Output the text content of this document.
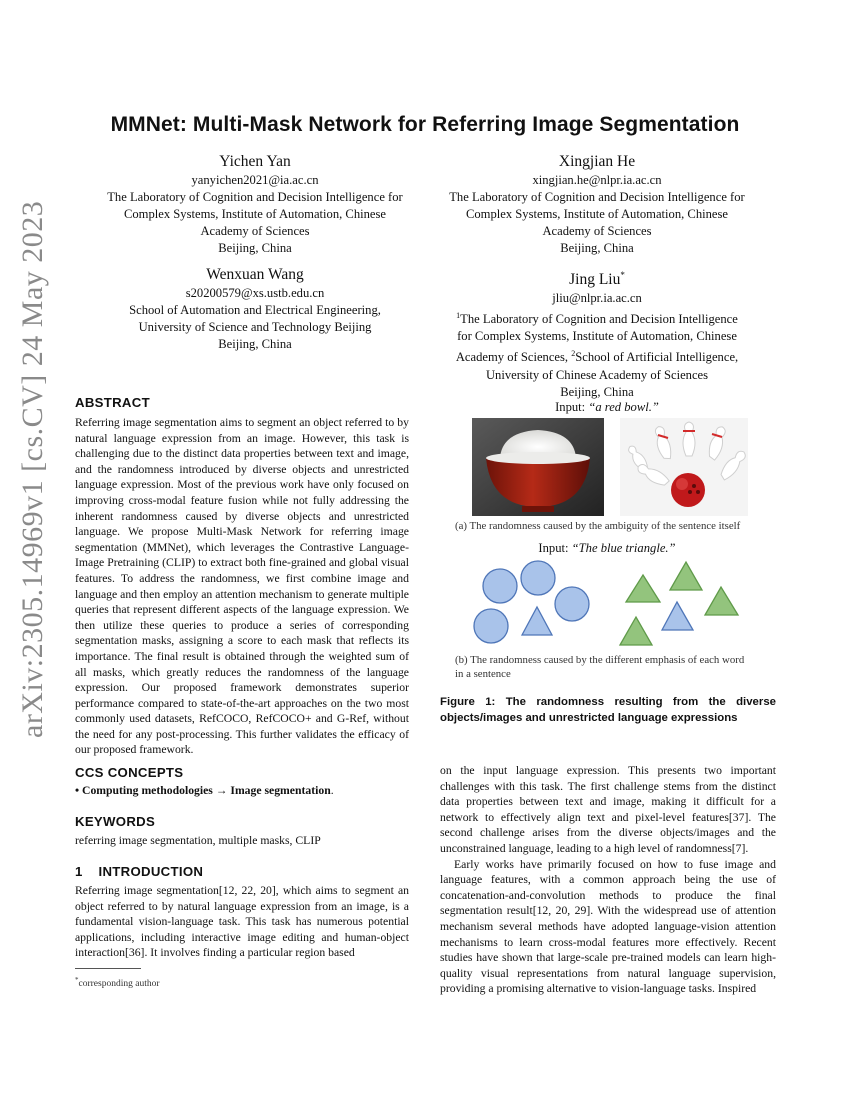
arXiv:2305.14969v1 [cs.CV] 24 May 2023
MMNet: Multi-Mask Network for Referring Image Segmentation
Yichen Yan
yanyichen2021@ia.ac.cn
The Laboratory of Cognition and Decision Intelligence for
Complex Systems, Institute of Automation, Chinese
Academy of Sciences
Beijing, China
Xingjian He
xingjian.he@nlpr.ia.ac.cn
The Laboratory of Cognition and Decision Intelligence for
Complex Systems, Institute of Automation, Chinese
Academy of Sciences
Beijing, China
Wenxuan Wang
s20200579@xs.ustb.edu.cn
School of Automation and Electrical Engineering,
University of Science and Technology Beijing
Beijing, China
Jing Liu*
jliu@nlpr.ia.ac.cn
$^1$The Laboratory of Cognition and Decision Intelligence
for Complex Systems, Institute of Automation, Chinese
Academy of Sciences, $^2$School of Artificial Intelligence,
University of Chinese Academy of Sciences
Beijing, China
ABSTRACT

Referring image segmentation aims to segment an object referred to by natural language expression from an image. However, this task is challenging due to the distinct data properties between text and image, and the randomness introduced by diverse objects and unrestricted language expression. Most of the previous work have only focused on improving cross-modal feature fusion while not fully addressing the inherent randomness caused by diverse objects and unrestricted language. We propose Multi-Mask Network for referring image segmentation (MMNet), which leverages the Contrastive Language-Image Pretraining (CLIP) to extract both fine-grained and global visual features. To address the randomness, we first combine image and language and then employ an attention mechanism to generate multiple queries that represent different aspects of the language expression. We then utilize these queries to produce a series of corresponding segmentation masks, assigning a score to each mask that reflects its importance. The final result is obtained through the weighted sum of all masks, which greatly reduces the randomness of the language expression. Our proposed framework demonstrates superior performance compared to state-of-the-art approaches on the two most commonly used datasets, RefCOCO, RefCOCO+ and G-Ref, without the need for any post-processing. This further validates the efficacy of our proposed framework.

CCS CONCEPTS
• Computing methodologies → Image segmentation.
KEYWORDS
referring image segmentation, multiple masks, CLIP
1 INTRODUCTION

Referring image segmentation[12, 22, 20], which aims to segment an object referred to by natural language expression from an image, is a fundamental vision-language task. This task has numerous potential applications, including interactive image editing and human-object interaction[36]. It involves finding a particular region based

*corresponding author
Input: “a red bowl.”
(a) The randomness caused by the ambiguity of the sentence itself
Input: “The blue triangle.”
(b) The randomness caused by the different emphasis of each word
in a sentence
Figure 1: The randomness resulting from the diverse objects/images and unrestricted language expressions

on the input language expression. This presents two important challenges with this task. The first challenge stems from the distinct data properties between text and image, making it difficult for a network to effectively align text and pixel-level features[37]. The second challenge arises from the diverse objects/images and the unconstrained language, leading to a high level of randomness[7].

Early works have primarily focused on how to fuse image and language features, with a common approach being the use of concatenation-and-convolution methods to produce the final segmentation result[12, 20, 29]. With the widespread use of attention mechanism several methods have adopted language-vision attention mechanisms to learn cross-modal features more effectively. Recent studies have shown that large-scale pre-trained models can learn high-quality visual representations from natural language supervision, providing a promising alternative to vision-language tasks. Inspired
